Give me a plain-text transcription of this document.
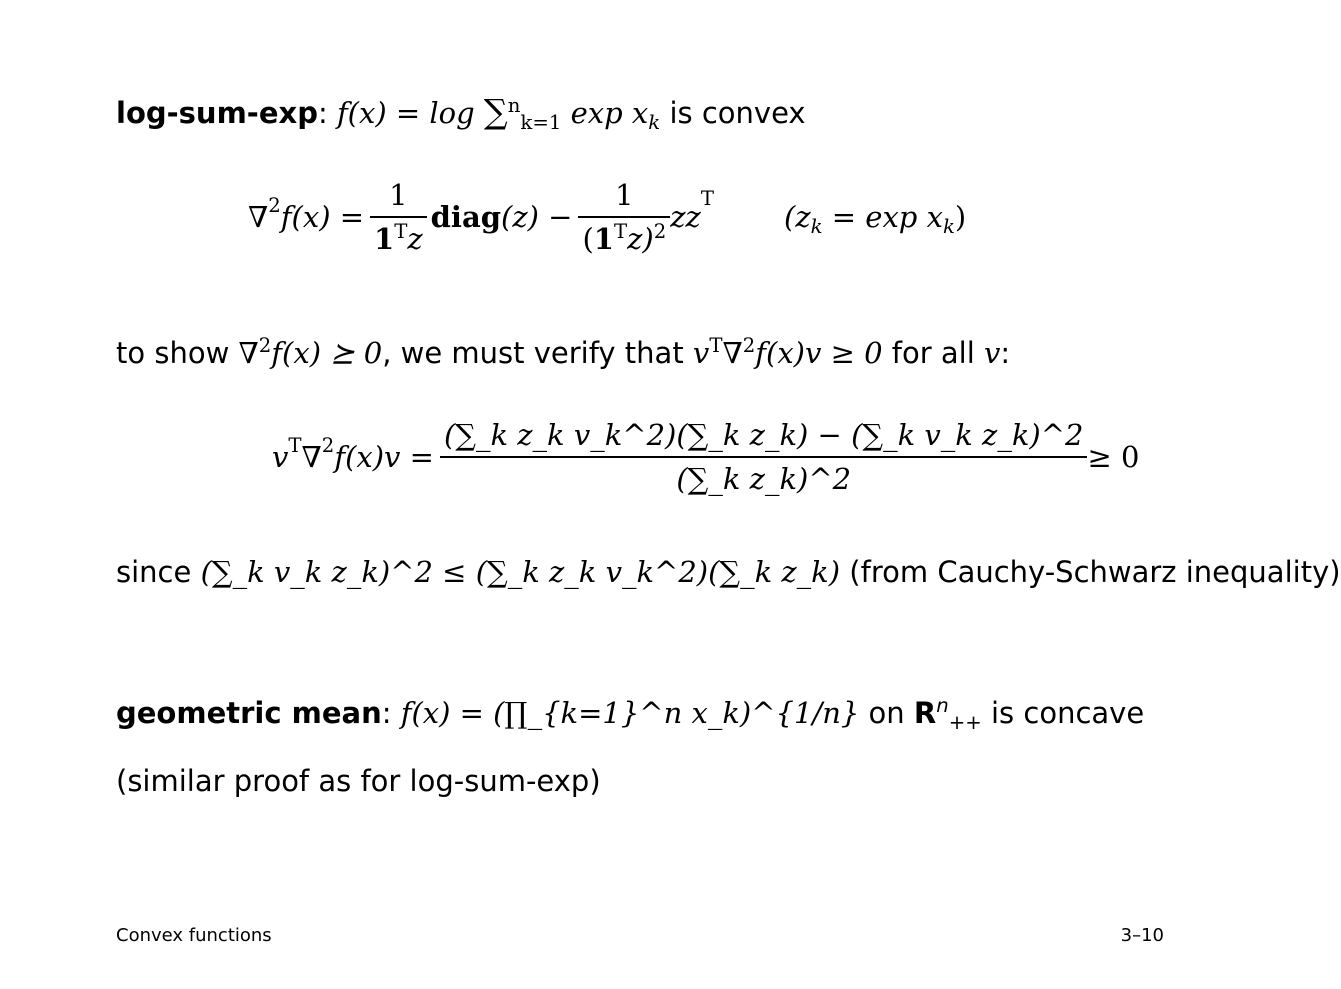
log-sum-exp: f(x) = log ∑$^n_{k=1}$ $\exp x_k$ is convex
∇$^2$ $f(x) = \frac{1}{1^Tz}$ diag $(z) - \frac{1}{(1^Tz)^2}$ zz
$^T$
$(z_k = \exp x_k)$
to show ∇$^2$f(x) ⪰ 0, we must verify that $v^T\nabla^2f(x)v \ge 0$ for all v:
$v^T$ ∇$^2$ $f(x)v = \frac{\text{(∑\_k z\_k v\_k\textasciicircum{}2)(∑\_k z\_k) − (∑\_k v\_k z\_k)\textasciicircum{}2}}{\text{(∑\_k z\_k)\textasciicircum{}2}} \ge 0$
since (∑_k v_k z_k)^2 ≤ (∑_k z_k v_k^2)(∑_k z_k) (from Cauchy-Schwarz inequality)
geometric mean: f(x) = (∏_{k=1}^n x_k)^{1/n} on $R^n_{++}$ is concave
(similar proof as for log-sum-exp)
Convex functions	3–10
